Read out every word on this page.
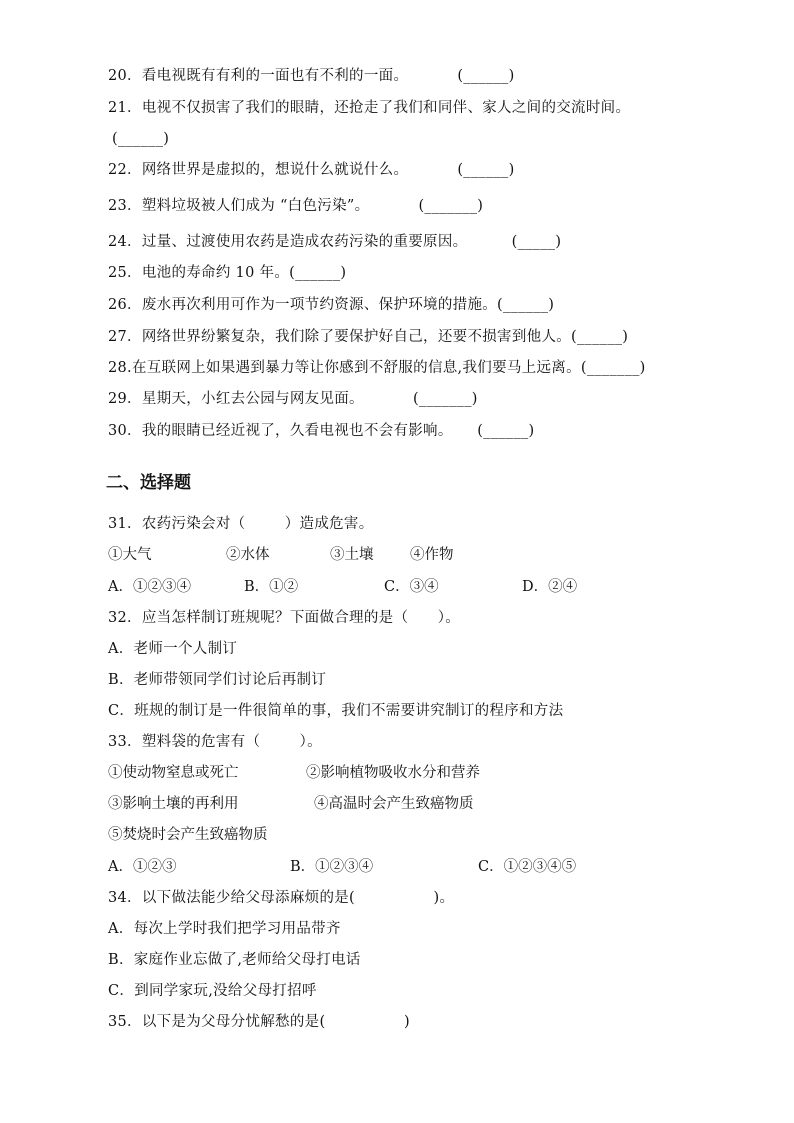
20．看电视既有有利的一面也有不利的一面。          (______)
21．电视不仅损害了我们的眼睛，还抢走了我们和同伴、家人之间的交流时间。
(______)
22．网络世界是虚拟的，想说什么就说什么。          (______)
23．塑料垃圾被人们成为 “白色污染”。          (_______)
24．过量、过渡使用农药是造成农药污染的重要原因。         (_____)
25．电池的寿命约 10 年。(______)
26．废水再次利用可作为一项节约资源、保护环境的措施。(______)
27．网络世界纷繁复杂，我们除了要保护好自己，还要不损害到他人。(______)
28.在互联网上如果遇到暴力等让你感到不舒服的信息,我们要马上远离。(_______)
29．星期天，小红去公园与网友见面。          (_______)
30．我的眼睛已经近视了，久看电视也不会有影响。     (______)
二、选择题
31．农药污染会对（        ）造成危害。
①大气	②水体	③土壤	④作物
A．①②③④	B．①②	C．③④	D．②④
32．应当怎样制订班规呢？下面做合理的是（      ）。
A．老师一个人制订
B．老师带领同学们讨论后再制订
C．班规的制订是一件很简单的事，我们不需要讲究制订的程序和方法
33．塑料袋的危害有（        ）。
①使动物窒息或死亡	②影响植物吸收水分和营养
③影响土壤的再利用	④高温时会产生致癌物质
⑤焚烧时会产生致癌物质
A．①②③	B．①②③④	C．①②③④⑤
34．以下做法能少给父母添麻烦的是(                )。
A．每次上学时我们把学习用品带齐
B．家庭作业忘做了,老师给父母打电话
C．到同学家玩,没给父母打招呼
35．以下是为父母分忧解愁的是(                )
